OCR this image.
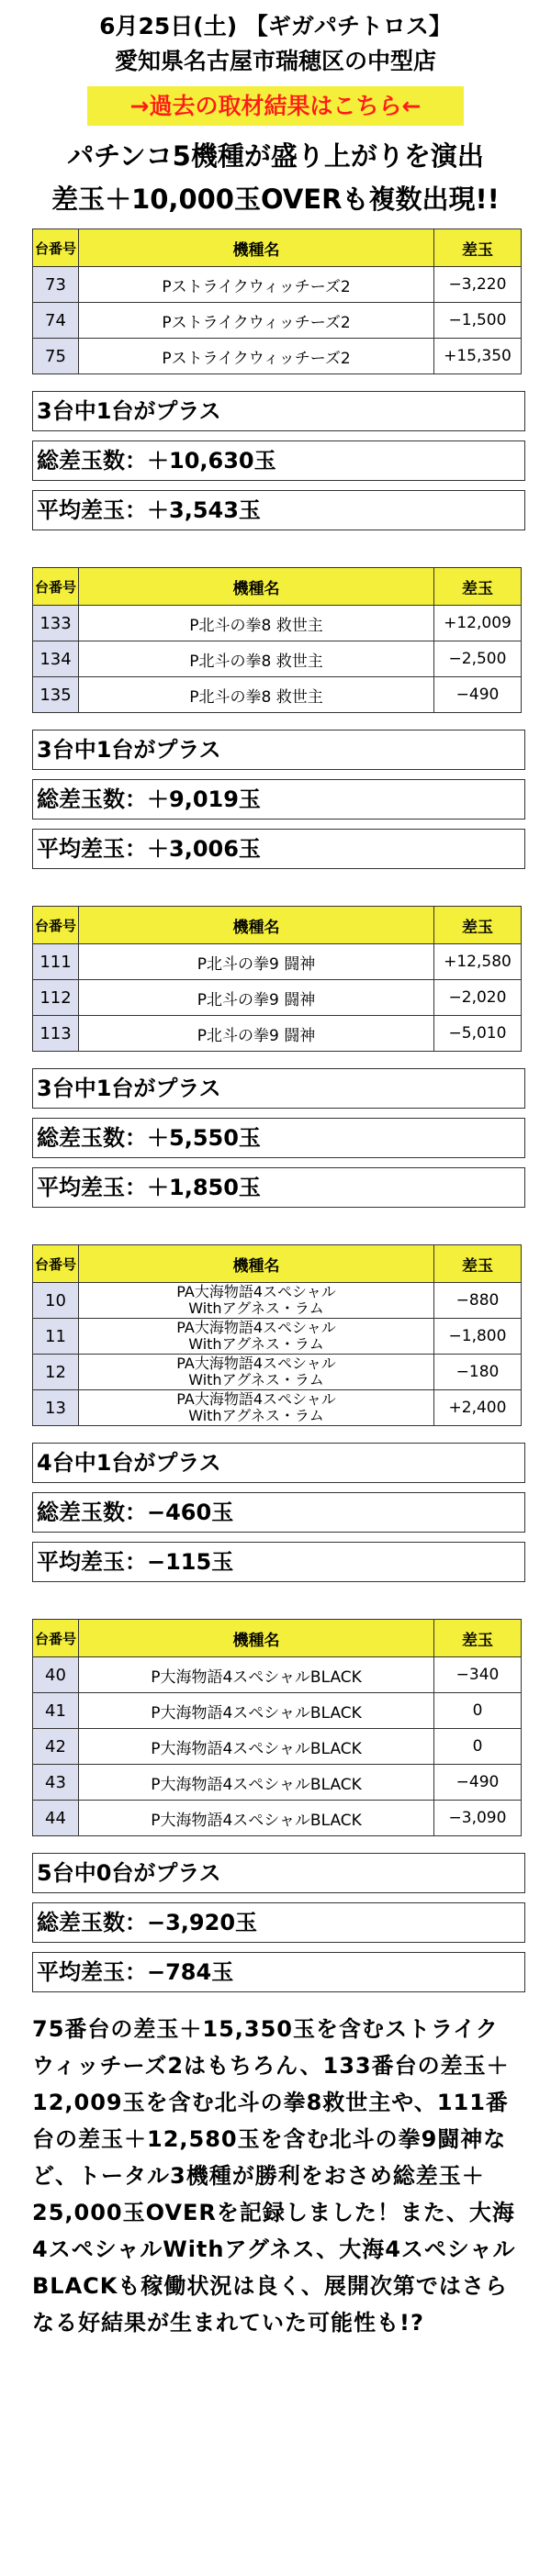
6月25日(土) 【ギガパチトロス】
愛知県名古屋市瑞穂区の中型店
→過去の取材結果はこちら←
パチンコ5機種が盛り上がりを演出
差玉＋10,000玉OVERも複数出現!!
台番号	機種名	差玉
73	Pストライクウィッチーズ2	−3,220
74	Pストライクウィッチーズ2	−1,500
75	Pストライクウィッチーズ2	+15,350
3台中1台がプラス
総差玉数：＋10,630玉
平均差玉：＋3,543玉
台番号	機種名	差玉
133	P北斗の拳8 救世主	+12,009
134	P北斗の拳8 救世主	−2,500
135	P北斗の拳8 救世主	−490
3台中1台がプラス
総差玉数：＋9,019玉
平均差玉：＋3,006玉
台番号	機種名	差玉
111	P北斗の拳9 闘神	+12,580
112	P北斗の拳9 闘神	−2,020
113	P北斗の拳9 闘神	−5,010
3台中1台がプラス
総差玉数：＋5,550玉
平均差玉：＋1,850玉
台番号	機種名	差玉
10	PA大海物語4スペシャル
Withアグネス・ラム	−880
11	PA大海物語4スペシャル
Withアグネス・ラム	−1,800
12	PA大海物語4スペシャル
Withアグネス・ラム	−180
13	PA大海物語4スペシャル
Withアグネス・ラム	+2,400
4台中1台がプラス
総差玉数：−460玉
平均差玉：−115玉
台番号	機種名	差玉
40	P大海物語4スペシャルBLACK	−340
41	P大海物語4スペシャルBLACK	0
42	P大海物語4スペシャルBLACK	0
43	P大海物語4スペシャルBLACK	−490
44	P大海物語4スペシャルBLACK	−3,090
5台中0台がプラス
総差玉数：−3,920玉
平均差玉：−784玉
75番台の差玉＋15,350玉を含むストライクウィッチーズ2はもちろん、133番台の差玉＋12,009玉を含む北斗の拳8救世主や、111番台の差玉＋12,580玉を含む北斗の拳9闘神など、トータル3機種が勝利をおさめ総差玉＋25,000玉OVERを記録しました！また、大海4スペシャルWithアグネス、大海4スペシャルBLACKも稼働状況は良く、展開次第ではさらなる好結果が生まれていた可能性も!?
